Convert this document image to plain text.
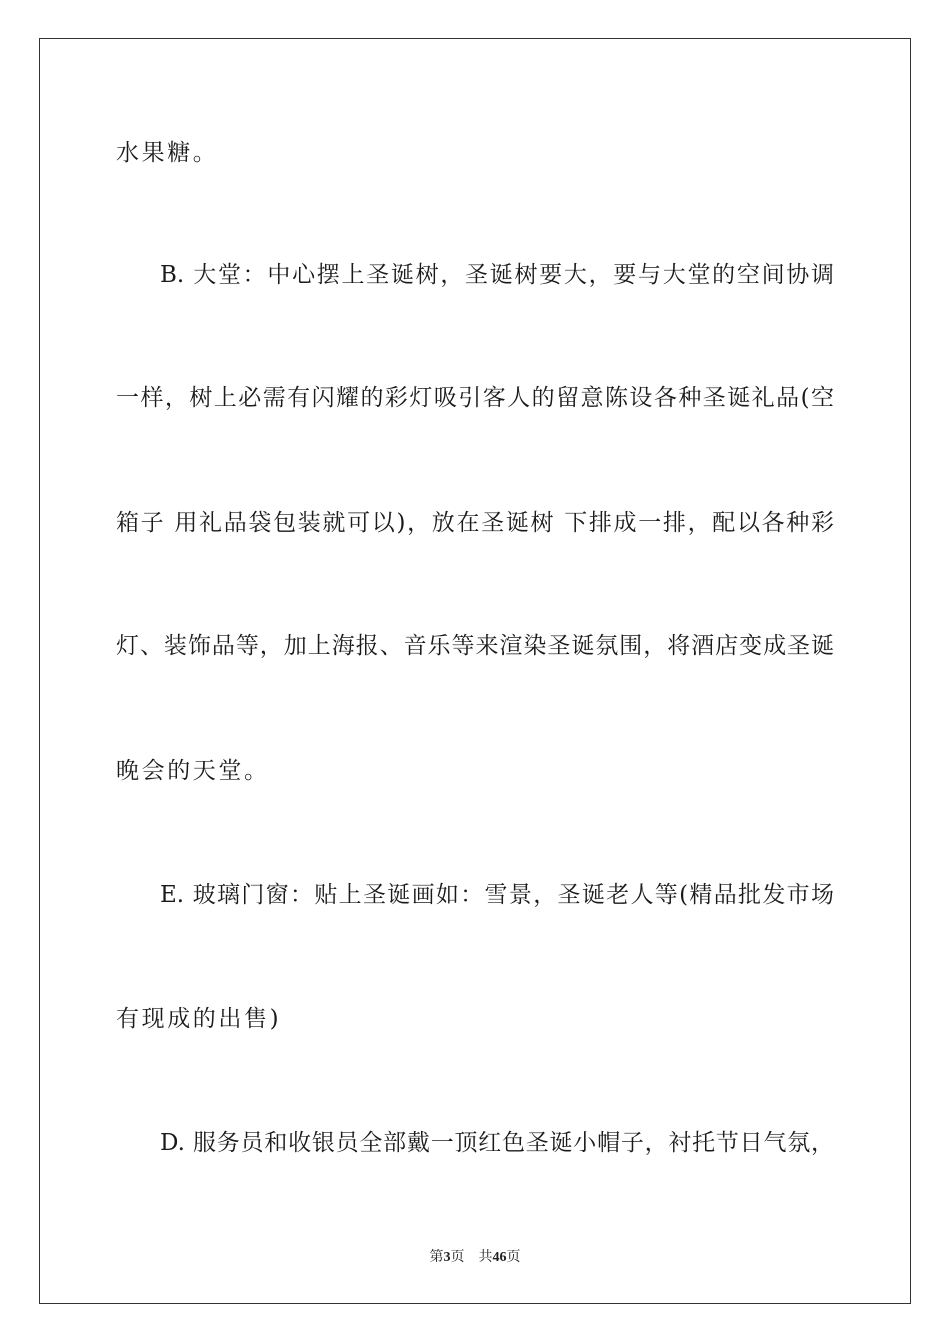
水果糖。
B. 大堂：中心摆上圣诞树，圣诞树要大，要与大堂的空间协调
一样，树上必需有闪耀的彩灯吸引客人的留意陈设各种圣诞礼品(空
箱子 用礼品袋包装就可以)，放在圣诞树 下排成一排，配以各种彩
灯、装饰品等，加上海报、音乐等来渲染圣诞氛围，将酒店变成圣诞
晚会的天堂。
E. 玻璃门窗：贴上圣诞画如：雪景，圣诞老人等(精品批发市场
有现成的出售)
D. 服务员和收银员全部戴一顶红色圣诞小帽子，衬托节日气氛，
第3页 共46页
